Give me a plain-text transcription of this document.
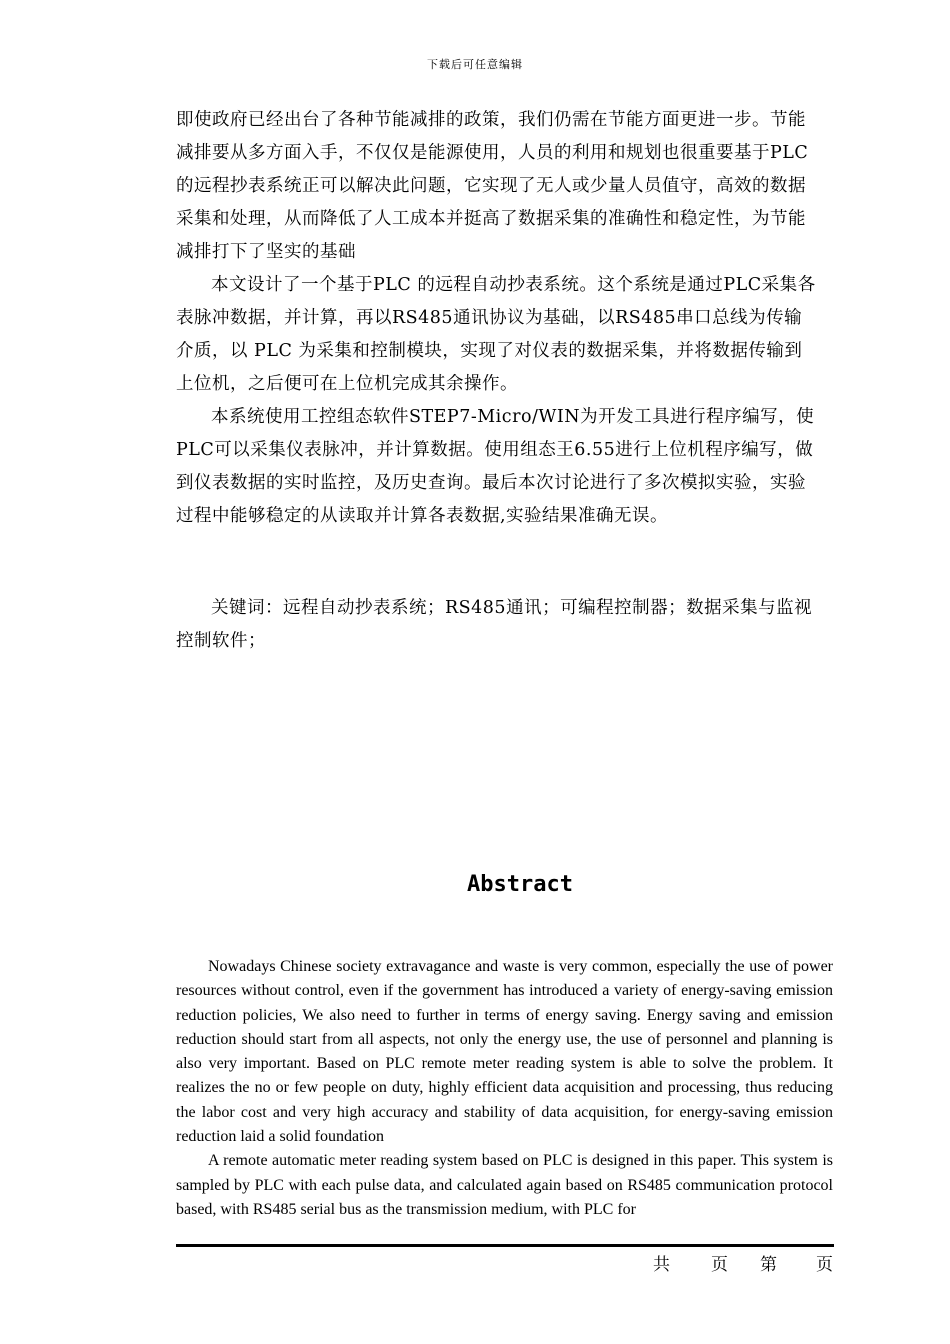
下载后可任意编辑

即使政府已经出台了各种节能减排的政策，我们仍需在节能方面更进一步。节能减排要从多方面入手，不仅仅是能源使用，人员的利用和规划也很重要基于PLC的远程抄表系统正可以解决此问题，它实现了无人或少量人员值守，高效的数据采集和处理，从而降低了人工成本并挺高了数据采集的准确性和稳定性，为节能减排打下了坚实的基础

本文设计了一个基于PLC 的远程自动抄表系统。这个系统是通过PLC采集各表脉冲数据，并计算，再以RS485通讯协议为基础，以RS485串口总线为传输介质，以 PLC 为采集和控制模块，实现了对仪表的数据采集，并将数据传输到上位机，之后便可在上位机完成其余操作。

本系统使用工控组态软件STEP7-Micro/WIN为开发工具进行程序编写，使PLC可以采集仪表脉冲，并计算数据。使用组态王6.55进行上位机程序编写，做到仪表数据的实时监控，及历史查询。最后本次讨论进行了多次模拟实验，实验过程中能够稳定的从读取并计算各表数据,实验结果准确无误。

关键词：远程自动抄表系统；RS485通讯；可编程控制器；数据采集与监视控制软件；

Abstract

Nowadays Chinese society extravagance and waste is very common, especially the use of power resources without control, even if the government has introduced a variety of energy-saving emission reduction policies, We also need to further in terms of energy saving. Energy saving and emission reduction should start from all aspects, not only the energy use, the use of personnel and planning is also very important. Based on PLC remote meter reading system is able to solve the problem. It realizes the no or few people on duty, highly efficient data acquisition and processing, thus reducing the labor cost and very high accuracy and stability of data acquisition, for energy-saving emission reduction laid a solid foundation

A remote automatic meter reading system based on PLC is designed in this paper. This system is sampled by PLC with each pulse data, and calculated again based on RS485 communication protocol based, with RS485 serial bus as the transmission medium, with PLC for

共 页 第 页
